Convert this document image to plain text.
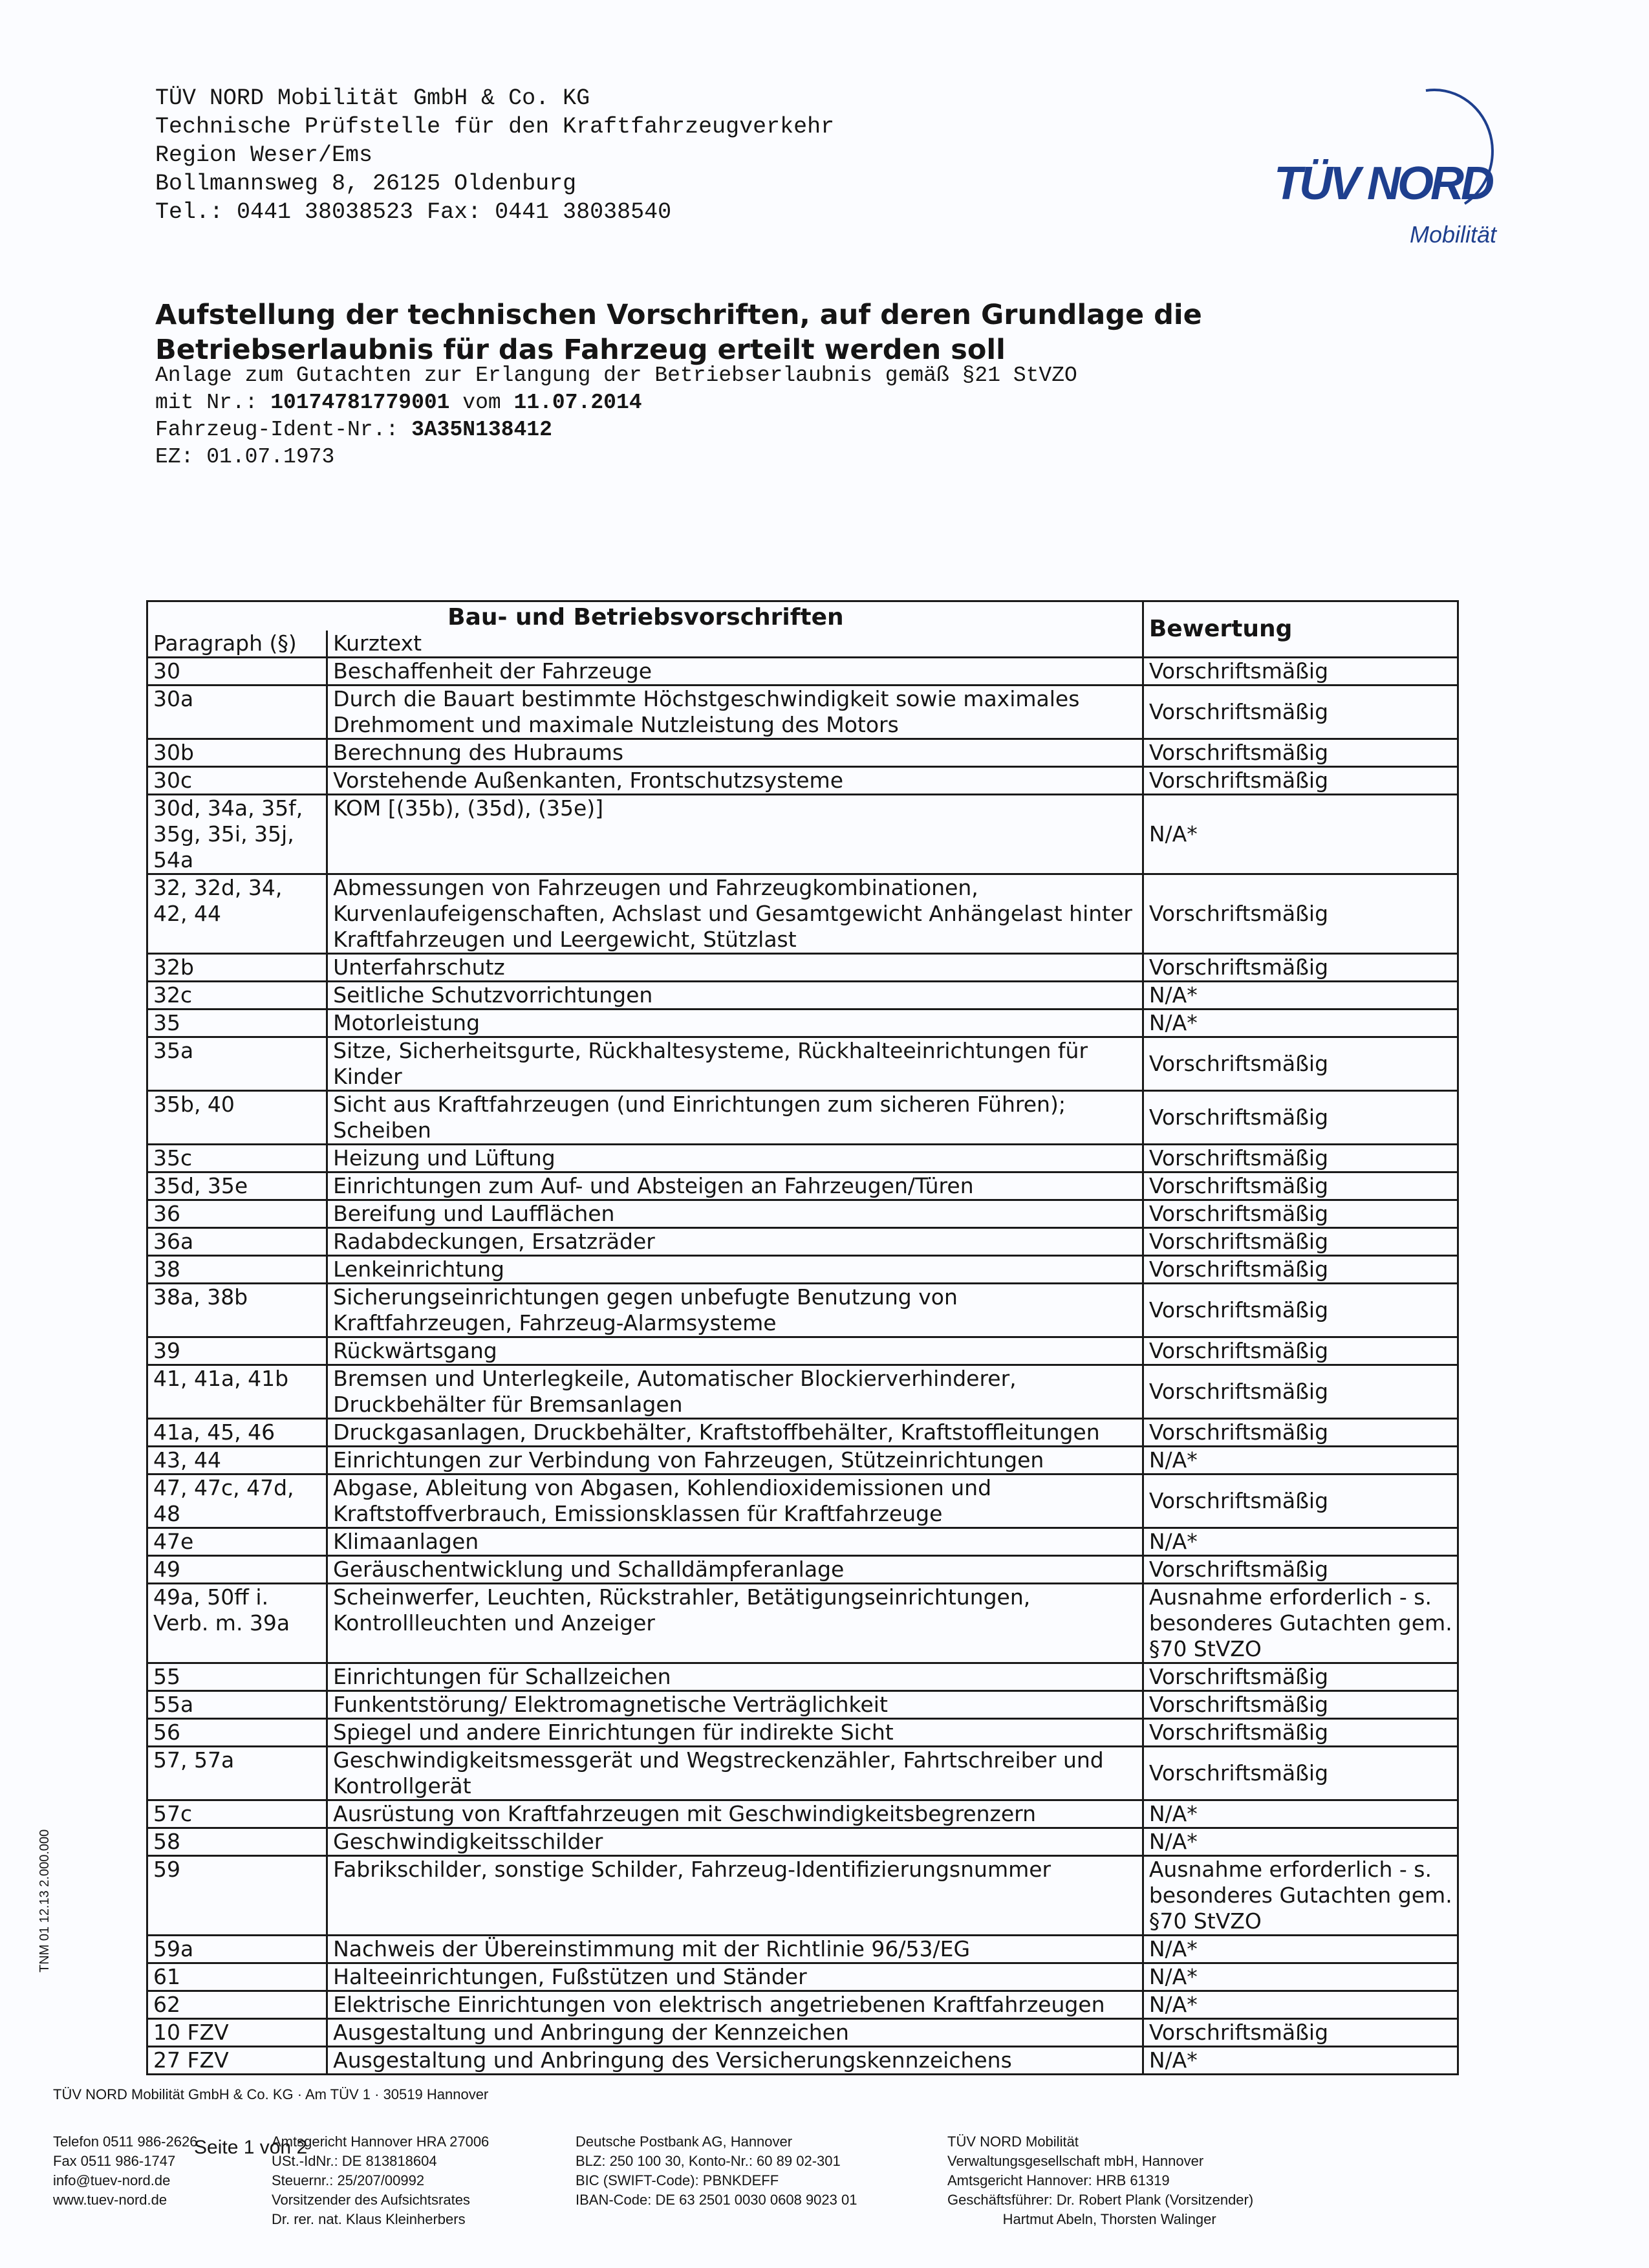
TÜV NORD Mobilität GmbH & Co. KG
Technische Prüfstelle für den Kraftfahrzeugverkehr
Region Weser/Ems
Bollmannsweg 8, 26125 Oldenburg
Tel.: 0441 38038523 Fax: 0441 38038540
TÜV NORD
Mobilität
Aufstellung der technischen Vorschriften, auf deren Grundlage die
Betriebserlaubnis für das Fahrzeug erteilt werden soll
Anlage zum Gutachten zur Erlangung der Betriebserlaubnis gemäß §21 StVZO
mit Nr.: 10174781779001 vom 11.07.2014
Fahrzeug-Ident-Nr.: 3A35N138412
EZ: 01.07.1973
Bau- und Betriebsvorschriften		Bewertung
Paragraph (§)	Kurztext	
30	Beschaffenheit der Fahrzeuge	Vorschriftsmäßig
30a	Durch die Bauart bestimmte Höchstgeschwindigkeit sowie maximales Drehmoment und maximale Nutzleistung des Motors	Vorschriftsmäßig
30b	Berechnung des Hubraums	Vorschriftsmäßig
30c	Vorstehende Außenkanten, Frontschutzsysteme	Vorschriftsmäßig
30d, 34a, 35f, 35g, 35i, 35j, 54a	KOM [(35b), (35d), (35e)]	N/A*
32, 32d, 34, 42, 44	Abmessungen von Fahrzeugen und Fahrzeugkombinationen, Kurvenlaufeigenschaften, Achslast und Gesamtgewicht Anhängelast hinter Kraftfahrzeugen und Leergewicht, Stützlast	Vorschriftsmäßig
32b	Unterfahrschutz	Vorschriftsmäßig
32c	Seitliche Schutzvorrichtungen	N/A*
35	Motorleistung	N/A*
35a	Sitze, Sicherheitsgurte, Rückhaltesysteme, Rückhalteeinrichtungen für Kinder	Vorschriftsmäßig
35b, 40	Sicht aus Kraftfahrzeugen (und Einrichtungen zum sicheren Führen); Scheiben	Vorschriftsmäßig
35c	Heizung und Lüftung	Vorschriftsmäßig
35d, 35e	Einrichtungen zum Auf- und Absteigen an Fahrzeugen/Türen	Vorschriftsmäßig
36	Bereifung und Laufflächen	Vorschriftsmäßig
36a	Radabdeckungen, Ersatzräder	Vorschriftsmäßig
38	Lenkeinrichtung	Vorschriftsmäßig
38a, 38b	Sicherungseinrichtungen gegen unbefugte Benutzung von Kraftfahrzeugen, Fahrzeug-Alarmsysteme	Vorschriftsmäßig
39	Rückwärtsgang	Vorschriftsmäßig
41, 41a, 41b	Bremsen und Unterlegkeile, Automatischer Blockierverhinderer, Druckbehälter für Bremsanlagen	Vorschriftsmäßig
41a, 45, 46	Druckgasanlagen, Druckbehälter, Kraftstoffbehälter, Kraftstoffleitungen	Vorschriftsmäßig
43, 44	Einrichtungen zur Verbindung von Fahrzeugen, Stützeinrichtungen	N/A*
47, 47c, 47d, 48	Abgase, Ableitung von Abgasen, Kohlendioxidemissionen und Kraftstoffverbrauch, Emissionsklassen für Kraftfahrzeuge	Vorschriftsmäßig
47e	Klimaanlagen	N/A*
49	Geräuschentwicklung und Schalldämpferanlage	Vorschriftsmäßig
49a, 50ff i. Verb. m. 39a	Scheinwerfer, Leuchten, Rückstrahler, Betätigungseinrichtungen, Kontrollleuchten und Anzeiger	Ausnahme erforderlich - s. besonderes Gutachten gem. §70 StVZO
55	Einrichtungen für Schallzeichen	Vorschriftsmäßig
55a	Funkentstörung/ Elektromagnetische Verträglichkeit	Vorschriftsmäßig
56	Spiegel und andere Einrichtungen für indirekte Sicht	Vorschriftsmäßig
57, 57a	Geschwindigkeitsmessgerät und Wegstreckenzähler, Fahrtschreiber und Kontrollgerät	Vorschriftsmäßig
57c	Ausrüstung von Kraftfahrzeugen mit Geschwindigkeitsbegrenzern	N/A*
58	Geschwindigkeitsschilder	N/A*
59	Fabrikschilder, sonstige Schilder, Fahrzeug-Identifizierungsnummer	Ausnahme erforderlich - s. besonderes Gutachten gem. §70 StVZO
59a	Nachweis der Übereinstimmung mit der Richtlinie 96/53/EG	N/A*
61	Halteeinrichtungen, Fußstützen und Ständer	N/A*
62	Elektrische Einrichtungen von elektrisch angetriebenen Kraftfahrzeugen	N/A*
10 FZV	Ausgestaltung und Anbringung der Kennzeichen	Vorschriftsmäßig
27 FZV	Ausgestaltung und Anbringung des Versicherungskennzeichens	N/A*
TNM 01 12.13 2.000.000
TÜV NORD Mobilität GmbH & Co. KG · Am TÜV 1 · 30519 Hannover
Telefon 0511 986-2626
Fax 0511 986-1747
info@tuev-nord.de
www.tuev-nord.de
Seite 1 von 2
Amtsgericht Hannover HRA 27006
USt.-IdNr.: DE 813818604
Steuernr.: 25/207/00992
Vorsitzender des Aufsichtsrates
Dr. rer. nat. Klaus Kleinherbers
Deutsche Postbank AG, Hannover
BLZ: 250 100 30, Konto-Nr.: 60 89 02-301
BIC (SWIFT-Code): PBNKDEFF
IBAN-Code: DE 63 2501 0030 0608 9023 01
TÜV NORD Mobilität
Verwaltungsgesellschaft mbH, Hannover
Amtsgericht Hannover: HRB 61319
Geschäftsführer: Dr. Robert Plank (Vorsitzender)
Hartmut Abeln, Thorsten Walinger
